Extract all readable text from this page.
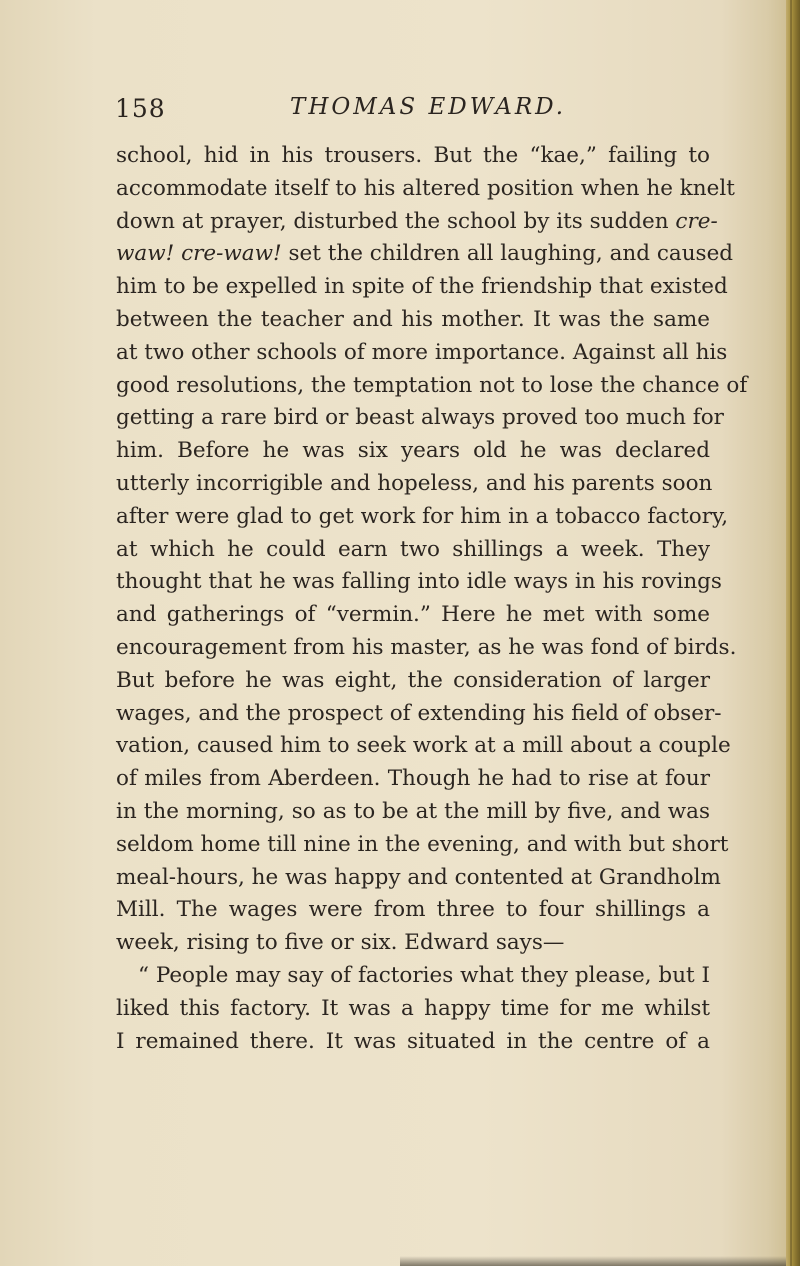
158	THOMAS EDWARD.
school, hid in his trousers. But the “kae,” failing to
accommodate itself to his altered position when he knelt
down at prayer, disturbed the school by its sudden cre-
waw! cre-waw! set the children all laughing, and caused
him to be expelled in spite of the friendship that existed
between the teacher and his mother. It was the same
at two other schools of more importance. Against all his
good resolutions, the temptation not to lose the chance of
getting a rare bird or beast always proved too much for
him. Before he was six years old he was declared
utterly incorrigible and hopeless, and his parents soon
after were glad to get work for him in a tobacco factory,
at which he could earn two shillings a week. They
thought that he was falling into idle ways in his rovings
and gatherings of “vermin.” Here he met with some
encouragement from his master, as he was fond of birds.
But before he was eight, the consideration of larger
wages, and the prospect of extending his field of obser-
vation, caused him to seek work at a mill about a couple
of miles from Aberdeen. Though he had to rise at four
in the morning, so as to be at the mill by five, and was
seldom home till nine in the evening, and with but short
meal-hours, he was happy and contented at Grandholm
Mill. The wages were from three to four shillings a
week, rising to five or six. Edward says—
“ People may say of factories what they please, but I
liked this factory. It was a happy time for me whilst
I remained there. It was situated in the centre of a
